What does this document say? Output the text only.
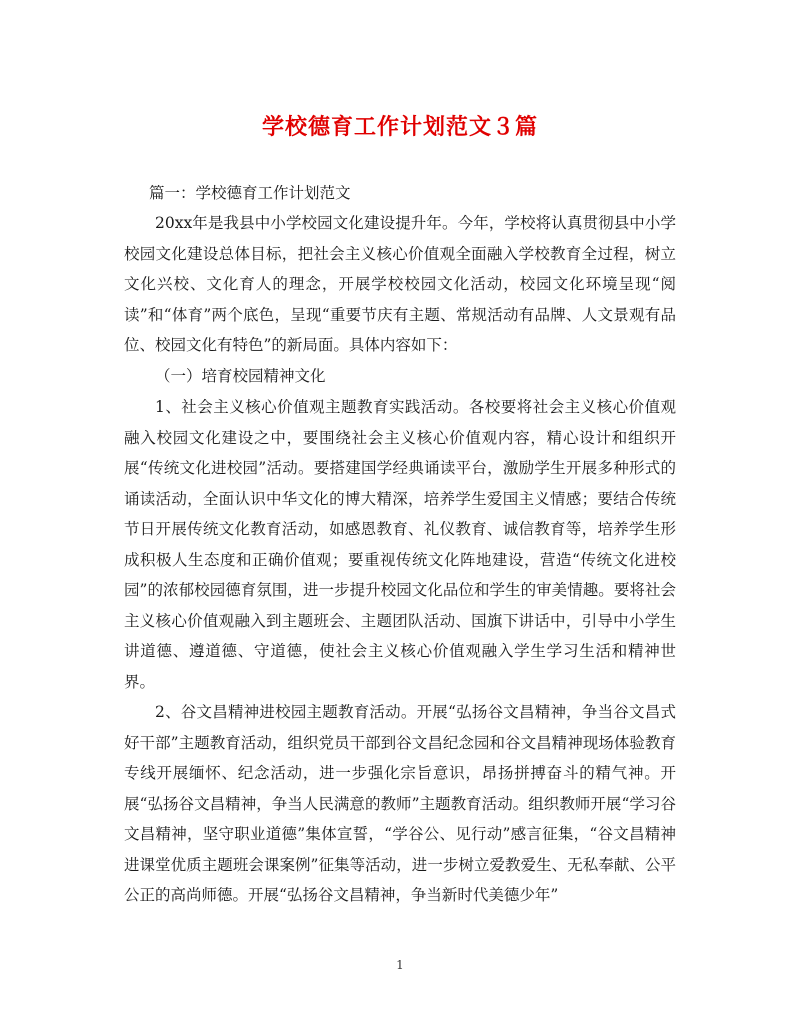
学校德育工作计划范文３篇
篇一：学校德育工作计划范文

20xx年是我县中小学校园文化建设提升年。今年，学校将认真贯彻县中小学校园文化建设总体目标，把社会主义核心价值观全面融入学校教育全过程，树立文化兴校、文化育人的理念，开展学校校园文化活动，校园文化环境呈现“阅读”和“体育”两个底色，呈现“重要节庆有主题、常规活动有品牌、人文景观有品位、校园文化有特色”的新局面。具体内容如下：

（一）培育校园精神文化

1、社会主义核心价值观主题教育实践活动。各校要将社会主义核心价值观融入校园文化建设之中，要围绕社会主义核心价值观内容，精心设计和组织开展“传统文化进校园”活动。要搭建国学经典诵读平台，激励学生开展多种形式的诵读活动，全面认识中华文化的博大精深，培养学生爱国主义情感；要结合传统节日开展传统文化教育活动，如感恩教育、礼仪教育、诚信教育等，培养学生形成积极人生态度和正确价值观；要重视传统文化阵地建设，营造“传统文化进校园”的浓郁校园德育氛围，进一步提升校园文化品位和学生的审美情趣。要将社会主义核心价值观融入到主题班会、主题团队活动、国旗下讲话中，引导中小学生讲道德、遵道德、守道德，使社会主义核心价值观融入学生学习生活和精神世界。

2、谷文昌精神进校园主题教育活动。开展“弘扬谷文昌精神，争当谷文昌式好干部”主题教育活动，组织党员干部到谷文昌纪念园和谷文昌精神现场体验教育专线开展缅怀、纪念活动，进一步强化宗旨意识，昂扬拼搏奋斗的精气神。开展“弘扬谷文昌精神，争当人民满意的教师”主题教育活动。组织教师开展“学习谷文昌精神，坚守职业道德”集体宣誓，“学谷公、见行动”感言征集，“谷文昌精神进课堂优质主题班会课案例”征集等活动，进一步树立爱教爱生、无私奉献、公平公正的高尚师德。开展“弘扬谷文昌精神，争当新时代美德少年”

1
